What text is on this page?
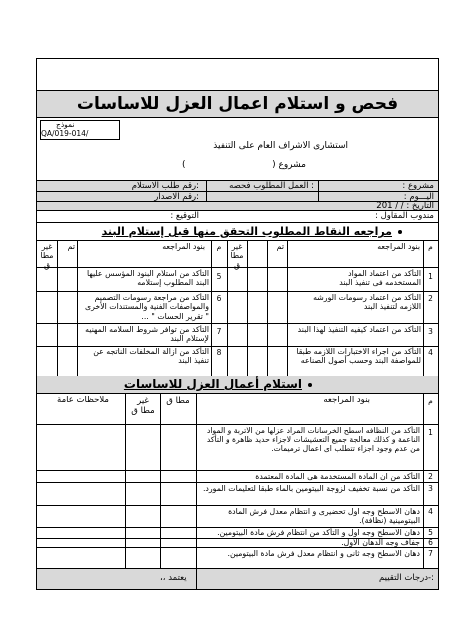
فحص و استلام اعمال العزل للاساسات
نموذج
QA/019-014/
استشارى الاشراف العام على التنفيذ
مشروع (
)
مشروع :
: العمل المطلوب فحصه
:رقم طلب الاستلام
اليـــوم :
:رقم الاصدار
التاريخ : / / 201
مندوب المقاول :
التوقيع :
مراجعه النقاط المطلوب التحقق منها قبل إستلام البند
م
بنود المراجعه
تم
غير مطا ق
م
بنود المراجعه
تم
غير مطا ق
1
التأكد من اعتماد المواد المستخدمه فى تنفيذ البند
2
التأكد من اعتماد رسومات الورشه اللازمه لتنفيذ البند
3
التأكد من اعتماد كيفيه التنفيذ لهذا البند
4
التأكد من اجراء الاختبارات اللازمه طبقا للمواصفة البند وحسب أصول الصناعه
5
التأكد من استلام البنود المؤسس عليها البند المطلوب إستلامه
6
التأكد من مراجعة رسومات التصميم والمواصفات الفنية والمستندات الأخرى " تقرير الحسات " ...
7
التأكد من توافر شروط السلامه المهنيه لإستلام البند
8
التأكد من ازالة المخلفات الناتجه عن تنفيذ البند
استلام أعمال العزل للاساسات
م
بنود المراجعه
مطا ق
غير مطا ق
ملاحظات عامة
1
التأكد من النظافه اسطح الخرسانات المراد عزلها من الاتربة و المواد الناعمة و كذلك معالجة جميع التعشيشات لاجزاء حديد ظاهرة و التأكد من عدم وجود اجزاء تتطلب اى اعمال ترميمات.
2
التأكد من ان المادة المستخدمة هى المادة المعتمدة
3
التأكد من نسبة تخفيف لزوجة البيتومين بالماء طبقا لتعليمات المورد.
4
دهان الاسطح وجه اول تحضيرى و انتظام معدل فرش المادة البيتومينية (نظافة).
5
دهان الاسطح وجه اول و التأكد من انتظام فرش مادة البيتومين.
6
جفاف وجه الدهان الاول.
7
دهان الاسطح وجه ثانى و انتظام معدل فرش مادة البيتومين.
:-درجات التقييم
يعتمد ،،
